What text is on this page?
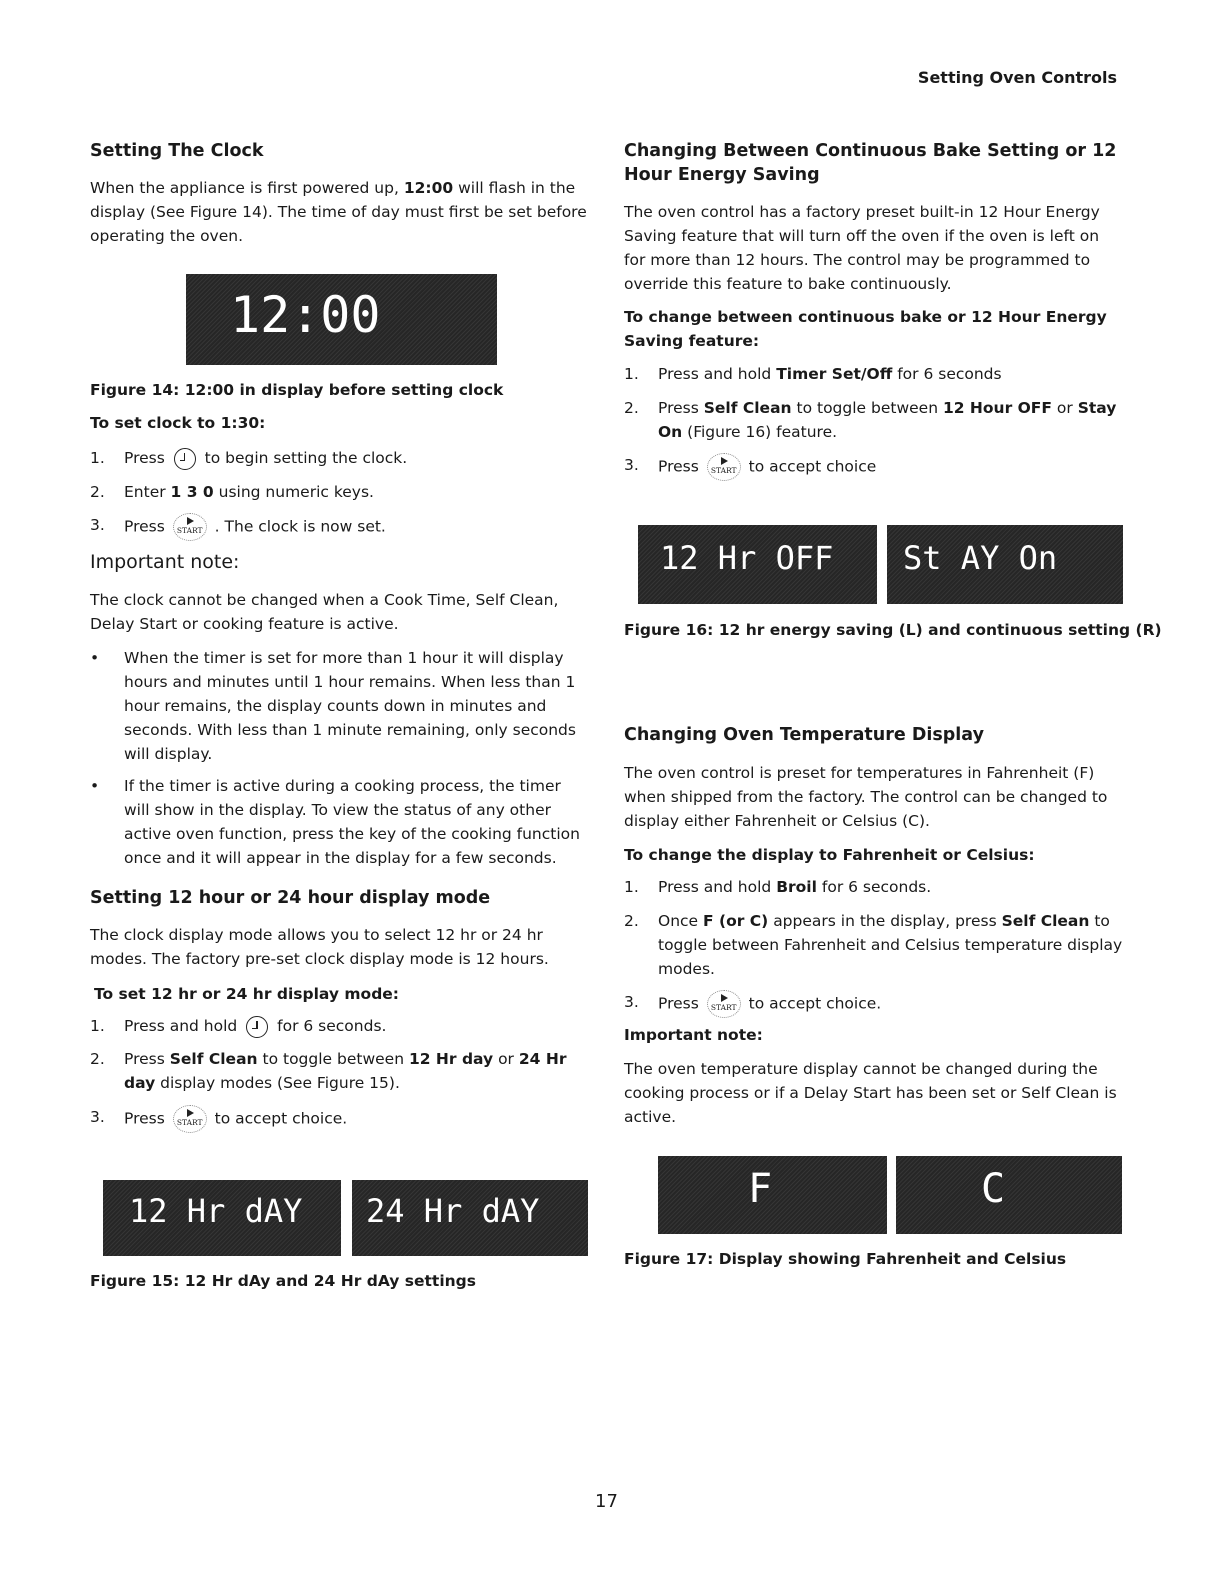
Setting Oven Controls
Setting The Clock

When the appliance is first powered up, 12:00 will flash in the display (See Figure 14). The time of day must first be set before operating the oven.

12:00
Figure 14: 12:00 in display before setting clock
To set clock to 1:30:
1. Press	to begin setting the clock.
2. Enter 1 3 0 using numeric keys.
3. Press	START . The clock is now set.
Important note:

The clock cannot be changed when a Cook Time, Self Clean, Delay Start or cooking feature is active.

• When the timer is set for more than 1 hour it will display hours and minutes until 1 hour remains. When less than 1 hour remains, the display counts down in minutes and seconds. With less than 1 minute remaining, only seconds will display.
• If the timer is active during a cooking process, the timer will show in the display. To view the status of any other active oven function, press the key of the cooking function once and it will appear in the display for a few seconds.
Setting 12 hour or 24 hour display mode

The clock display mode allows you to select 12 hr or 24 hr modes. The factory pre-set clock display mode is 12 hours.

To set 12 hr or 24 hr display mode:
1. Press and hold	for 6 seconds.
2. Press Self Clean to toggle between 12 Hr day or 24 Hr day display modes (See Figure 15).
3. Press	START to accept choice.
12 Hr dAY 24 Hr dAY
Figure 15: 12 Hr dAy and 24 Hr dAy settings
Changing Between Continuous Bake Setting or 12 Hour Energy Saving

The oven control has a factory preset built-in 12 Hour Energy Saving feature that will turn off the oven if the oven is left on for more than 12 hours. The control may be programmed to override this feature to bake continuously.

To change between continuous bake or 12 Hour Energy Saving feature:
1. Press and hold Timer Set/Off for 6 seconds
2. Press Self Clean to toggle between 12 Hour OFF or Stay On (Figure 16) feature.
3. Press	START to accept choice
12 Hr OFF St AY On
Figure 16: 12 hr energy saving (L) and continuous setting (R)
Changing Oven Temperature Display

The oven control is preset for temperatures in Fahrenheit (F) when shipped from the factory. The control can be changed to display either Fahrenheit or Celsius (C).

To change the display to Fahrenheit or Celsius:
1. Press and hold Broil for 6 seconds.
2. Once F (or C) appears in the display, press Self Clean to toggle between Fahrenheit and Celsius temperature display modes.
3. Press	START to accept choice.
Important note:

The oven temperature display cannot be changed during the cooking process or if a Delay Start has been set or Self Clean is active.

F	C
Figure 17: Display showing Fahrenheit and Celsius
17
